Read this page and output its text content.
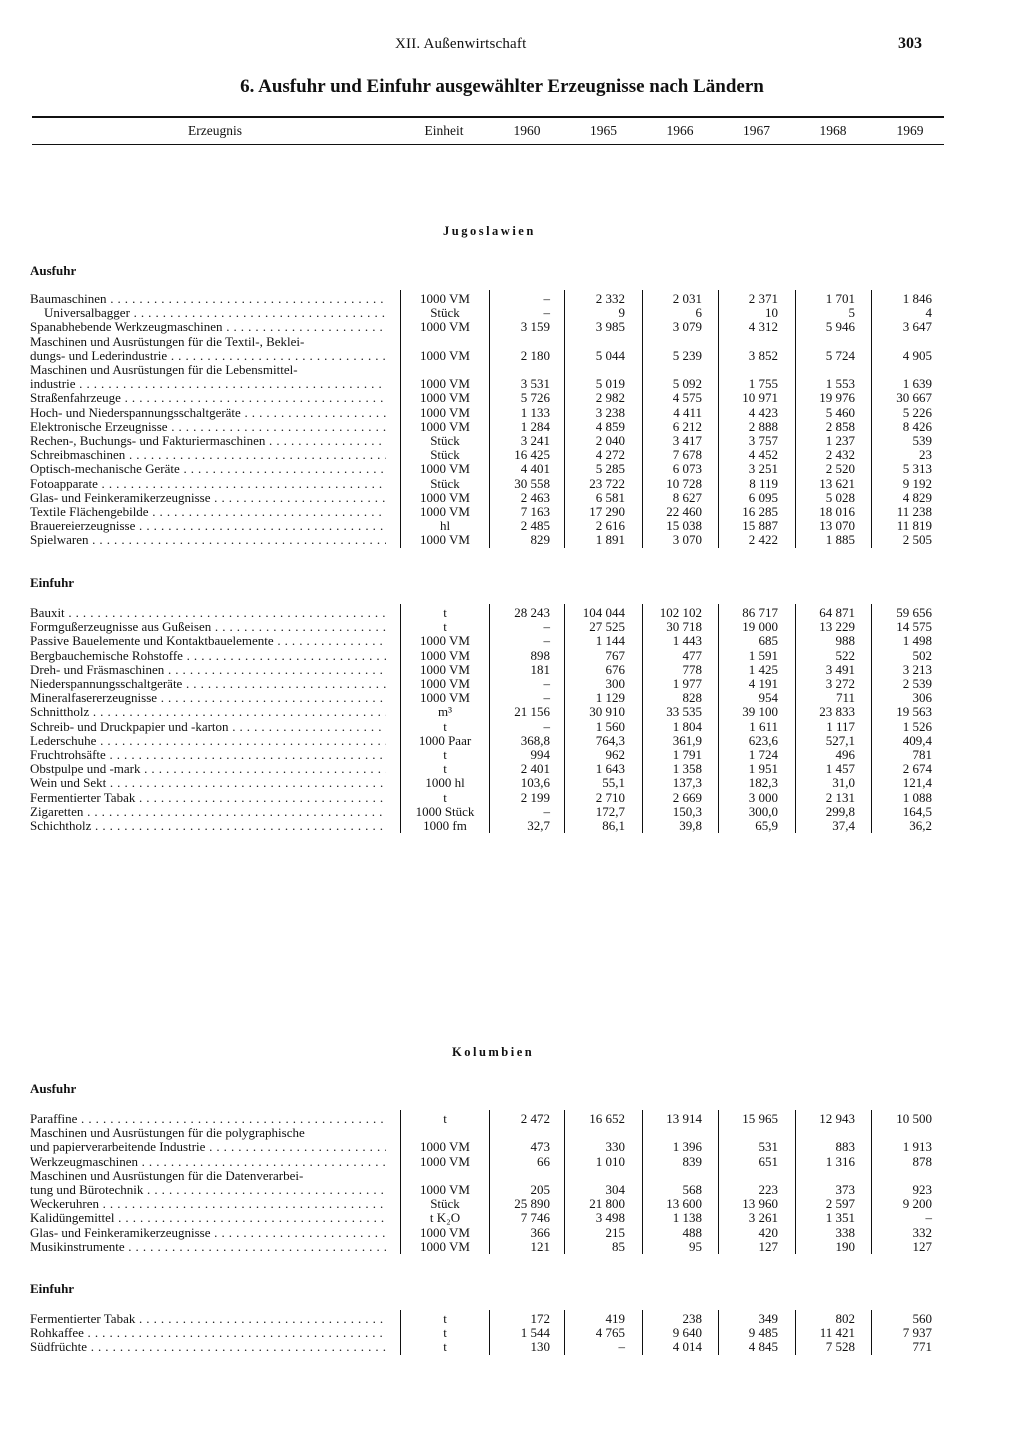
XII. Außenwirtschaft	303
6. Ausfuhr und Einfuhr ausgewählter Erzeugnisse nach Ländern
Erzeugnis	Einheit	1960	1965	1966	1967	1968	1969
Jugoslawien
Ausfuhr
Baumaschinen . . .	1000 VM	–	2 332	2 031	2 371	1 701	1 846
Universalbagger . . .	Stück	–	9	6	10	5	4
Spanabhebende Werkzeugmaschinen . . .	1000 VM	3 159	3 985	3 079	4 312	5 946	3 647
Maschinen und Ausrüstungen für die Textil-, Beklei-
dungs- und Lederindustrie . . .	1000 VM	2 180	5 044	5 239	3 852	5 724	4 905
Maschinen und Ausrüstungen für die Lebensmittel-
industrie . . .	1000 VM	3 531	5 019	5 092	1 755	1 553	1 639
Straßenfahrzeuge . . .	1000 VM	5 726	2 982	4 575	10 971	19 976	30 667
Hoch- und Niederspannungsschaltgeräte . . .	1000 VM	1 133	3 238	4 411	4 423	5 460	5 226
Elektronische Erzeugnisse . . .	1000 VM	1 284	4 859	6 212	2 888	2 858	8 426
Rechen-, Buchungs- und Fakturiermaschinen . . .	Stück	3 241	2 040	3 417	3 757	1 237	539
Schreibmaschinen . . .	Stück	16 425	4 272	7 678	4 452	2 432	23
Optisch-mechanische Geräte . . .	1000 VM	4 401	5 285	6 073	3 251	2 520	5 313
Fotoapparate . . .	Stück	30 558	23 722	10 728	8 119	13 621	9 192
Glas- und Feinkeramikerzeugnisse . . .	1000 VM	2 463	6 581	8 627	6 095	5 028	4 829
Textile Flächengebilde . . .	1000 VM	7 163	17 290	22 460	16 285	18 016	11 238
Brauereierzeugnisse . . .	hl	2 485	2 616	15 038	15 887	13 070	11 819
Spielwaren . . .	1000 VM	829	1 891	3 070	2 422	1 885	2 505
Einfuhr
Bauxit . . .	t	28 243	104 044	102 102	86 717	64 871	59 656
Formgußerzeugnisse aus Gußeisen . . .	t	–	27 525	30 718	19 000	13 229	14 575
Passive Bauelemente und Kontaktbauelemente . . .	1000 VM	–	1 144	1 443	685	988	1 498
Bergbauchemische Rohstoffe . . .	1000 VM	898	767	477	1 591	522	502
Dreh- und Fräsmaschinen . . .	1000 VM	181	676	778	1 425	3 491	3 213
Niederspannungsschaltgeräte . . .	1000 VM	–	300	1 977	4 191	3 272	2 539
Mineralfasererzeugnisse . . .	1000 VM	–	1 129	828	954	711	306
Schnittholz . . .	m³	21 156	30 910	33 535	39 100	23 833	19 563
Schreib- und Druckpapier und -karton . . .	t	–	1 560	1 804	1 611	1 117	1 526
Lederschuhe . . .	1000 Paar	368,8	764,3	361,9	623,6	527,1	409,4
Fruchtrohsäfte . . .	t	994	962	1 791	1 724	496	781
Obstpulpe und -mark . . .	t	2 401	1 643	1 358	1 951	1 457	2 674
Wein und Sekt . . .	1000 hl	103,6	55,1	137,3	182,3	31,0	121,4
Fermentierter Tabak . . .	t	2 199	2 710	2 669	3 000	2 131	1 088
Zigaretten . . .	1000 Stück	–	172,7	150,3	300,0	299,8	164,5
Schichtholz . . .	1000 fm	32,7	86,1	39,8	65,9	37,4	36,2
Kolumbien
Ausfuhr
Paraffine . . .	t	2 472	16 652	13 914	15 965	12 943	10 500
Maschinen und Ausrüstungen für die polygraphische
und papierverarbeitende Industrie . . .	1000 VM	473	330	1 396	531	883	1 913
Werkzeugmaschinen . . .	1000 VM	66	1 010	839	651	1 316	878
Maschinen und Ausrüstungen für die Datenverarbei-
tung und Bürotechnik . . .	1000 VM	205	304	568	223	373	923
Weckeruhren . . .	Stück	25 890	21 800	13 600	13 960	2 597	9 200
Kalidüngemittel . . .	t K₂O	7 746	3 498	1 138	3 261	1 351	–
Glas- und Feinkeramikerzeugnisse . . .	1000 VM	366	215	488	420	338	332
Musikinstrumente . . .	1000 VM	121	85	95	127	190	127
Einfuhr
Fermentierter Tabak . . .	t	172	419	238	349	802	560
Rohkaffee . . .	t	1 544	4 765	9 640	9 485	11 421	7 937
Südfrüchte . . .	t	130	–	4 014	4 845	7 528	771
